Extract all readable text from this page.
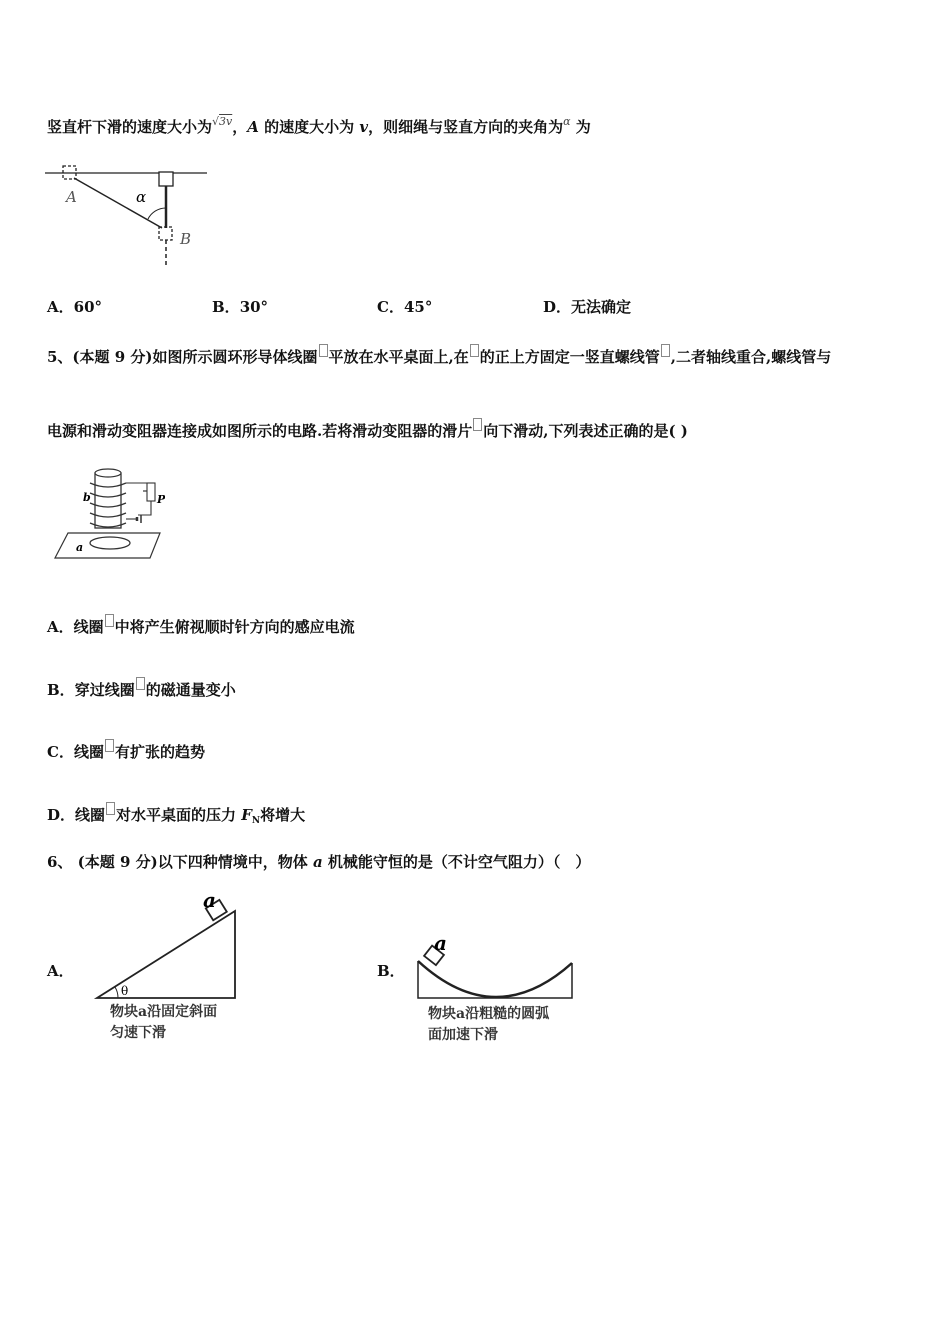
竖直杆下滑的速度大小为$^{√3v}$，A 的速度大小为 v，则细绳与竖直方向的夹角为$^\alpha$ 为
α
A
B
A．60°	B．30°	C．45°	D．无法确定
5、(本题 9 分)如图所示圆环形导体线圈 平放在水平桌面上,在 的正上方固定一竖直螺线管 ,二者轴线重合,螺线管与
电源和滑动变阻器连接成如图所示的电路.若将滑动变阻器的滑片 向下滑动,下列表述正确的是( )
b	P
a
A．线圈 中将产生俯视顺时针方向的感应电流
B．穿过线圈 的磁通量变小
C．线圈 有扩张的趋势
D．线圈 对水平桌面的压力 $F_N$将增大
6、 (本题 9 分)以下四种情境中，物体 a 机械能守恒的是（不计空气阻力）（　）
A．
a
θ
物块a沿固定斜面
匀速下滑
B．
a
物块a沿粗糙的圆弧
面加速下滑
